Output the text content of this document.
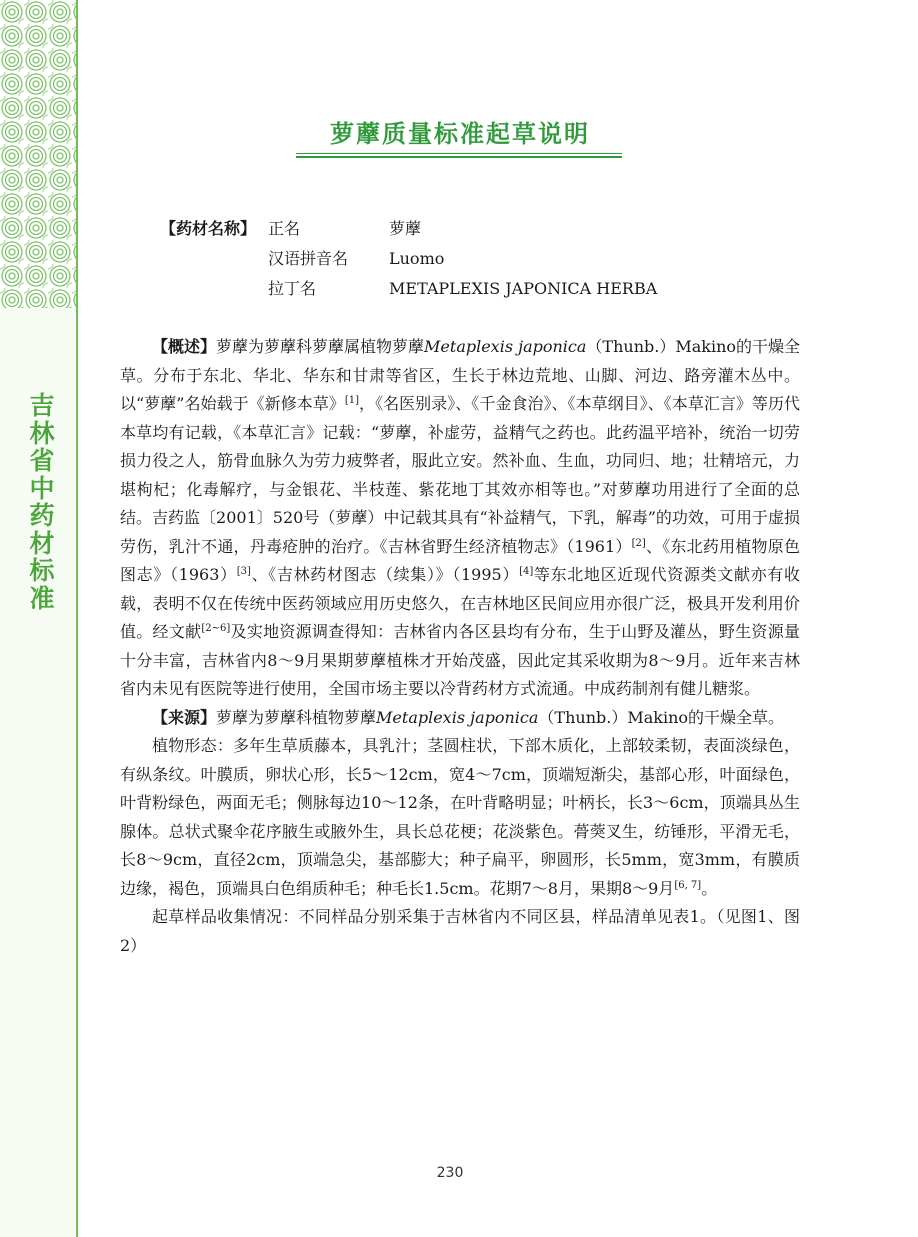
吉
林
省
中
药
材
标
准
萝藦质量标准起草说明
【药材名称】 正名	萝藦
汉语拼音名	Luomo
拉丁名	METAPLEXIS JAPONICA HERBA

【概述】萝藦为萝藦科萝藦属植物萝藦Metaplexis japonica（Thunb.）Makino的干燥全草。分布于东北、华北、华东和甘肃等省区，生长于林边荒地、山脚、河边、路旁灌木丛中。以“萝藦”名始载于《新修本草》[1]，《名医别录》、《千金食治》、《本草纲目》、《本草汇言》等历代本草均有记载，《本草汇言》记载：“萝藦，补虚劳，益精气之药也。此药温平培补，统治一切劳损力役之人，筋骨血脉久为劳力疲弊者，服此立安。然补血、生血，功同归、地；壮精培元，力堪枸杞；化毒解疗，与金银花、半枝莲、紫花地丁其效亦相等也。”对萝藦功用进行了全面的总结。吉药监〔2001〕520号（萝藦）中记载其具有“补益精气，下乳，解毒”的功效，可用于虚损劳伤，乳汁不通，丹毒疮肿的治疗。《吉林省野生经济植物志》（1961）[2]、《东北药用植物原色图志》（1963）[3]、《吉林药材图志（续集）》（1995）[4]等东北地区近现代资源类文献亦有收载，表明不仅在传统中医药领域应用历史悠久，在吉林地区民间应用亦很广泛，极具开发利用价值。经文献[2~6]及实地资源调查得知：吉林省内各区县均有分布，生于山野及灌丛，野生资源量十分丰富，吉林省内8～9月果期萝藦植株才开始茂盛，因此定其采收期为8～9月。近年来吉林省内未见有医院等进行使用，全国市场主要以冷背药材方式流通。中成药制剂有健儿糖浆。

【来源】萝藦为萝藦科植物萝藦Metaplexis japonica（Thunb.）Makino的干燥全草。

植物形态：多年生草质藤本，具乳汁；茎圆柱状，下部木质化，上部较柔韧，表面淡绿色，有纵条纹。叶膜质，卵状心形，长5～12cm，宽4～7cm，顶端短渐尖，基部心形，叶面绿色，叶背粉绿色，两面无毛；侧脉每边10～12条，在叶背略明显；叶柄长，长3～6cm，顶端具丛生腺体。总状式聚伞花序腋生或腋外生，具长总花梗；花淡紫色。蓇葖叉生，纺锤形，平滑无毛，长8～9cm，直径2cm，顶端急尖，基部膨大；种子扁平，卵圆形，长5mm，宽3mm，有膜质边缘，褐色，顶端具白色绢质种毛；种毛长1.5cm。花期7～8月，果期8～9月[6, 7]。

起草样品收集情况：不同样品分别采集于吉林省内不同区县，样品清单见表1。（见图1、图2）

230
